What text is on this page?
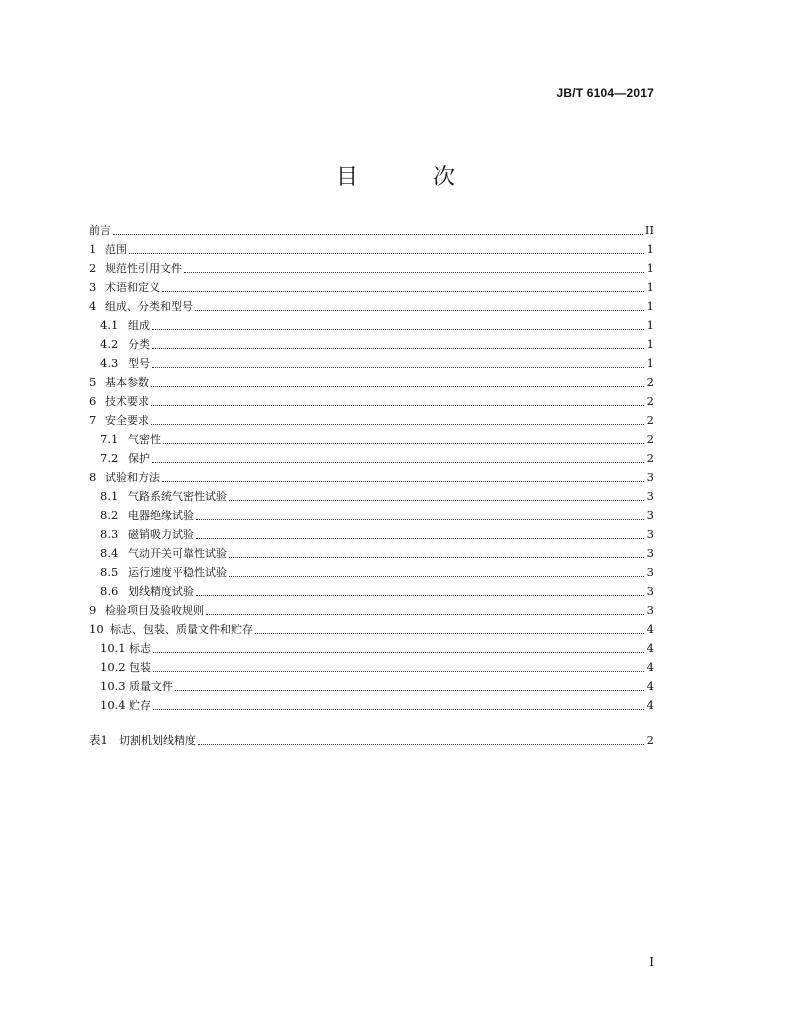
JB/T 6104—2017
目 次
前言	II
1 范围	1
2 规范性引用文件	1
3 术语和定义	1
4 组成、分类和型号	1
4.1 组成	1
4.2 分类	1
4.3 型号	1
5 基本参数	2
6 技术要求	2
7 安全要求	2
7.1 气密性	2
7.2 保护	2
8 试验和方法	3
8.1 气路系统气密性试验	3
8.2 电器绝缘试验	3
8.3 磁销吸力试验	3
8.4 气动开关可靠性试验	3
8.5 运行速度平稳性试验	3
8.6 划线精度试验	3
9 检验项目及验收规则	3
10 标志、包装、质量文件和贮存	4
10.1 标志	4
10.2 包装	4
10.3 质量文件	4
10.4 贮存	4
表1	切割机划线精度	2
I
